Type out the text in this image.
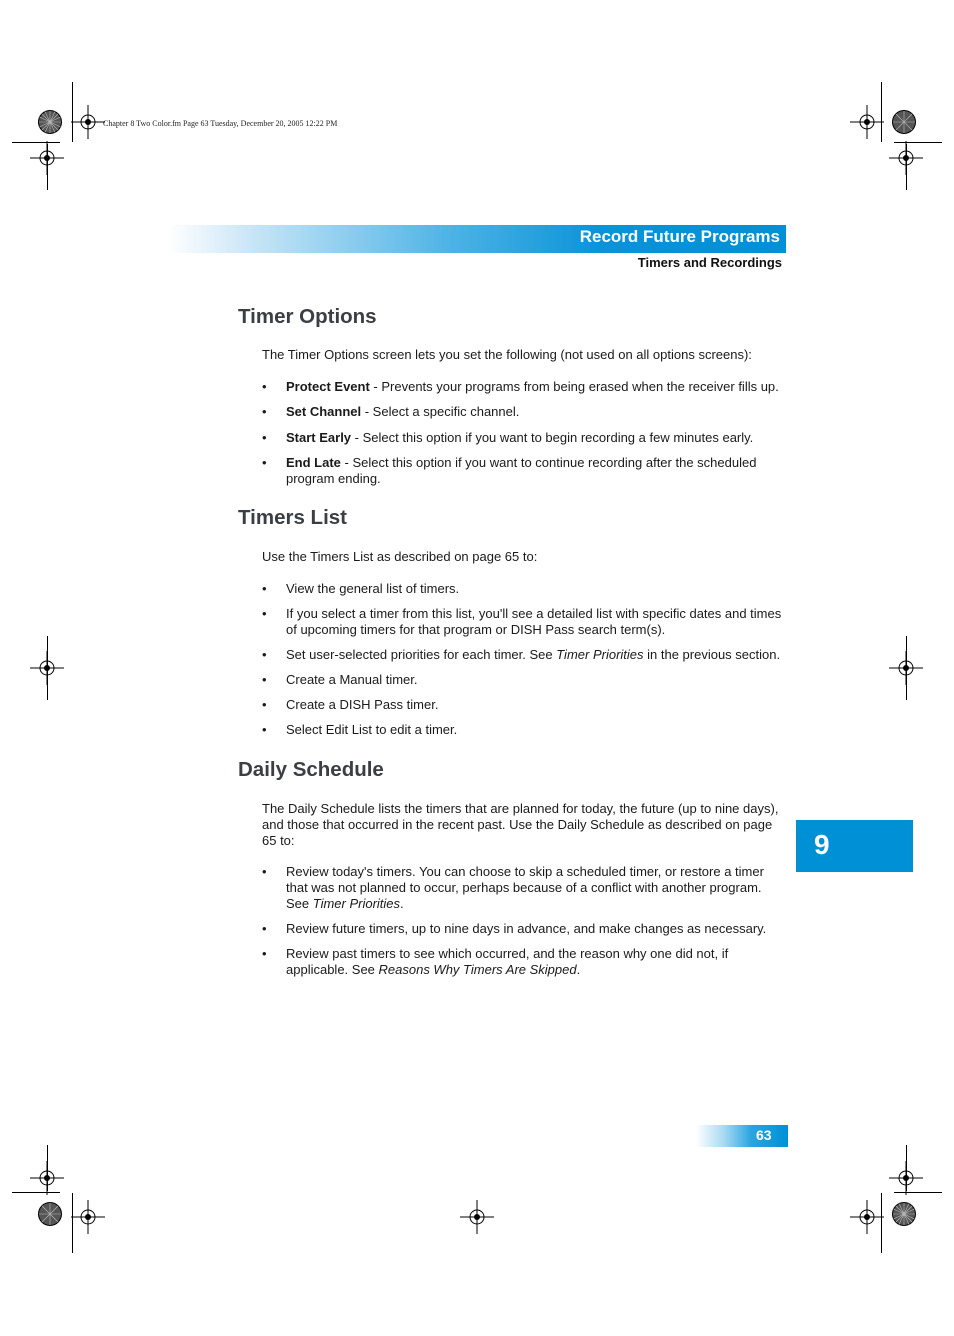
Chapter 8 Two Color.fm Page 63 Tuesday, December 20, 2005 12:22 PM
Record Future Programs
Timers and Recordings
Timer Options

The Timer Options screen lets you set the following (not used on all options screens):

• Protect Event - Prevents your programs from being erased when the receiver fills up.
• Set Channel - Select a specific channel.
• Start Early - Select this option if you want to begin recording a few minutes early.
• End Late - Select this option if you want to continue recording after the scheduled program ending.
Timers List

Use the Timers List as described on page 65 to:

• View the general list of timers.
• If you select a timer from this list, you'll see a detailed list with specific dates and times of upcoming timers for that program or DISH Pass search term(s).
• Set user-selected priorities for each timer. See Timer Priorities in the previous section.
• Create a Manual timer.
• Create a DISH Pass timer.
• Select Edit List to edit a timer.
Daily Schedule

The Daily Schedule lists the timers that are planned for today, the future (up to nine days), and those that occurred in the recent past. Use the Daily Schedule as described on page 65 to:

• Review today's timers. You can choose to skip a scheduled timer, or restore a timer that was not planned to occur, perhaps because of a conflict with another program. See Timer Priorities.
• Review future timers, up to nine days in advance, and make changes as necessary.
• Review past timers to see which occurred, and the reason why one did not, if applicable. See Reasons Why Timers Are Skipped.
9
63
